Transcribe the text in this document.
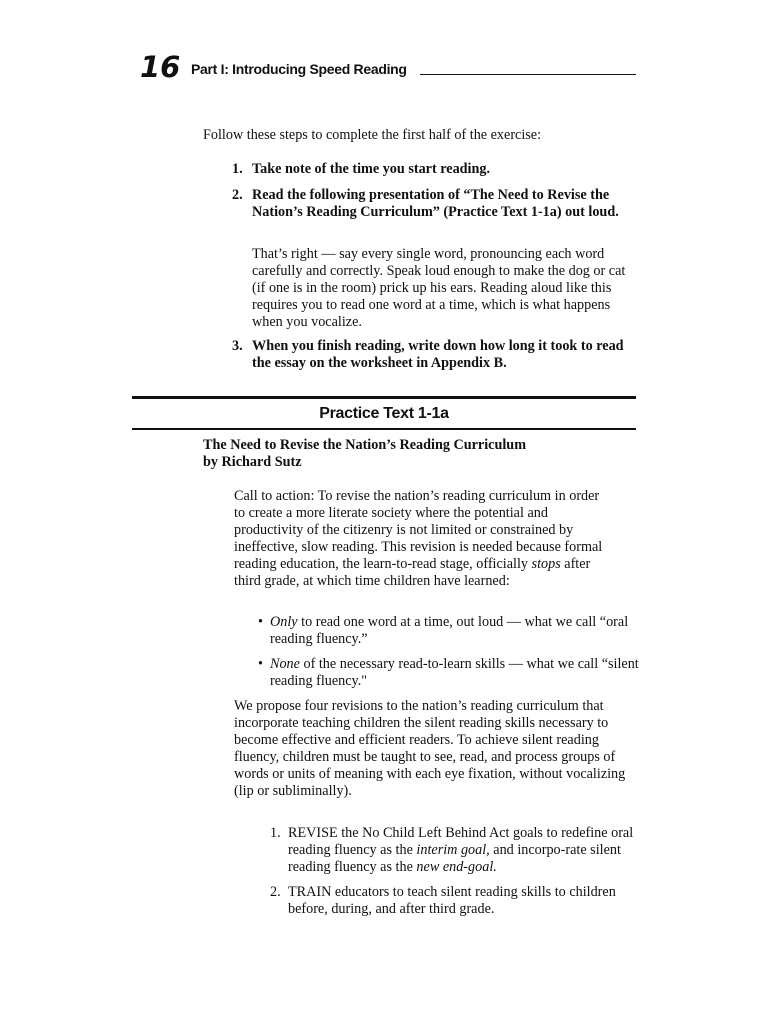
16 Part I: Introducing Speed Reading

Follow these steps to complete the first half of the exercise:

1. Take note of the time you start reading.
2. Read the following presentation of “The Need to Revise the Nation’s Reading Curriculum” (Practice Text 1-1a) out loud.

That’s right — say every single word, pronouncing each word carefully and correctly. Speak loud enough to make the dog or cat (if one is in the room) prick up his ears. Reading aloud like this requires you to read one word at a time, which is what happens when you vocalize.

3. When you finish reading, write down how long it took to read the essay on the worksheet in Appendix B.
Practice Text 1-1a

The Need to Revise the Nation’s Reading Curriculum

by Richard Sutz

Call to action: To revise the nation’s reading curriculum in order to create a more literate society where the potential and productivity of the citizenry is not limited or constrained by ineffective, slow reading. This revision is needed because formal reading education, the learn-to-read stage, officially stops after third grade, at which time children have learned:

• Only to read one word at a time, out loud — what we call “oral reading fluency.”
• None of the necessary read-to-learn skills — what we call “silent reading fluency."

We propose four revisions to the nation’s reading curriculum that incorporate teaching children the silent reading skills necessary to become effective and efficient readers. To achieve silent reading fluency, children must be taught to see, read, and process groups of words or units of meaning with each eye fixation, without vocalizing (lip or subliminally).

1. REVISE the No Child Left Behind Act goals to redefine oral reading fluency as the interim goal, and incorpo-rate silent reading fluency as the new end-goal.
2. TRAIN educators to teach silent reading skills to children before, during, and after third grade.
